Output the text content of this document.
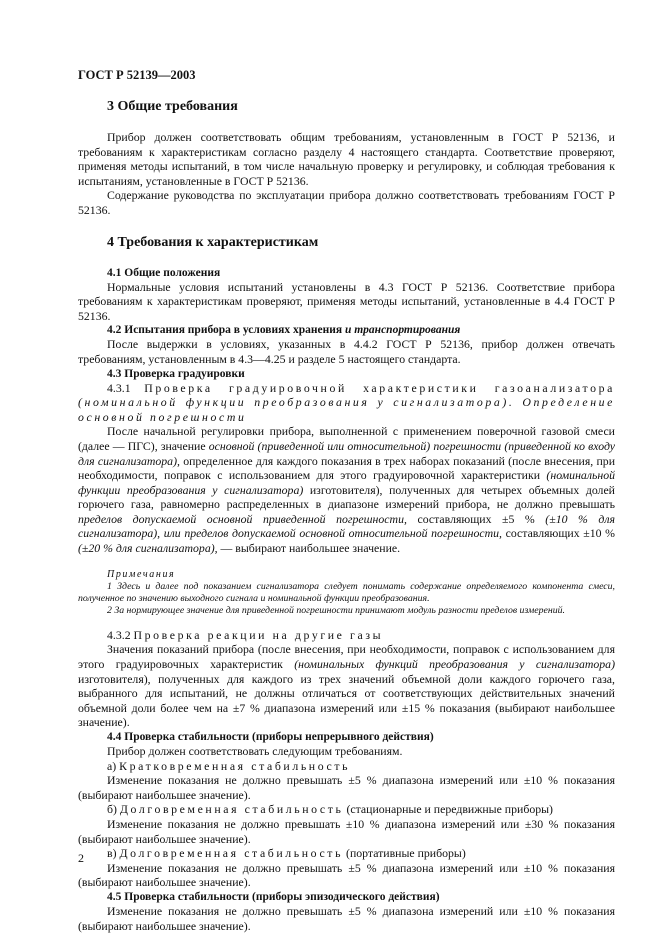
ГОСТ Р 52139—2003
3 Общие требования

Прибор должен соответствовать общим требованиям, установленным в ГОСТ Р 52136, и требованиям к характеристикам согласно разделу 4 настоящего стандарта. Соответствие проверяют, применяя методы испытаний, в том числе начальную проверку и регулировку, и соблюдая требования к испытаниям, установленные в ГОСТ Р 52136.

Содержание руководства по эксплуатации прибора должно соответствовать требованиям ГОСТ Р 52136.

4 Требования к характеристикам
4.1 Общие положения

Нормальные условия испытаний установлены в 4.3 ГОСТ Р 52136. Соответствие прибора требованиям к характеристикам проверяют, применяя методы испытаний, установленные в 4.4 ГОСТ Р 52136.

4.2 Испытания прибора в условиях хранения и транспортирования

После выдержки в условиях, указанных в 4.4.2 ГОСТ Р 52136, прибор должен отвечать требованиям, установленным в 4.3—4.25 и разделе 5 настоящего стандарта.

4.3 Проверка градуировки

4.3.1 Проверка градуировочной характеристики газоанализатора (номинальной функции преобразования у сигнализатора). Определение основной погрешности

После начальной регулировки прибора, выполненной с применением поверочной газовой смеси (далее — ПГС), значение основной (приведенной или относительной) погрешности (приведенной ко входу для сигнализатора), определенное для каждого показания в трех наборах показаний (после внесения, при необходимости, поправок с использованием для этого градуировочной характеристики (номинальной функции преобразования у сигнализатора) изготовителя), полученных для четырех объемных долей горючего газа, равномерно распределенных в диапазоне измерений прибора, не должно превышать пределов допускаемой основной приведенной погрешности, составляющих ±5 % (±10 % для сигнализатора), или пределов допускаемой основной относительной погрешности, составляющих ±10 % (±20 % для сигнализатора), — выбирают наибольшее значение.

Примечания

1 Здесь и далее под показанием сигнализатора следует понимать содержание определяемого компонента смеси, полученное по значению выходного сигнала и номинальной функции преобразования.

2 За нормирующее значение для приведенной погрешности принимают модуль разности пределов измерений.

4.3.2 Проверка реакции на другие газы

Значения показаний прибора (после внесения, при необходимости, поправок с использованием для этого градуировочных характеристик (номинальных функций преобразования у сигнализатора) изготовителя), полученных для каждого из трех значений объемной доли каждого горючего газа, выбранного для испытаний, не должны отличаться от соответствующих действительных значений объемной доли более чем на ±7 % диапазона измерений или ±15 % показания (выбирают наибольшее значение).

4.4 Проверка стабильности (приборы непрерывного действия)

Прибор должен соответствовать следующим требованиям.

а) Кратковременная стабильность

Изменение показания не должно превышать ±5 % диапазона измерений или ±10 % показания (выбирают наибольшее значение).

б) Долговременная стабильность (стационарные и передвижные приборы)

Изменение показания не должно превышать ±10 % диапазона измерений или ±30 % показания (выбирают наибольшее значение).

в) Долговременная стабильность (портативные приборы)

Изменение показания не должно превышать ±5 % диапазона измерений или ±10 % показания (выбирают наибольшее значение).

4.5 Проверка стабильности (приборы эпизодического действия)

Изменение показания не должно превышать ±5 % диапазона измерений или ±10 % показания (выбирают наибольшее значение).

2
